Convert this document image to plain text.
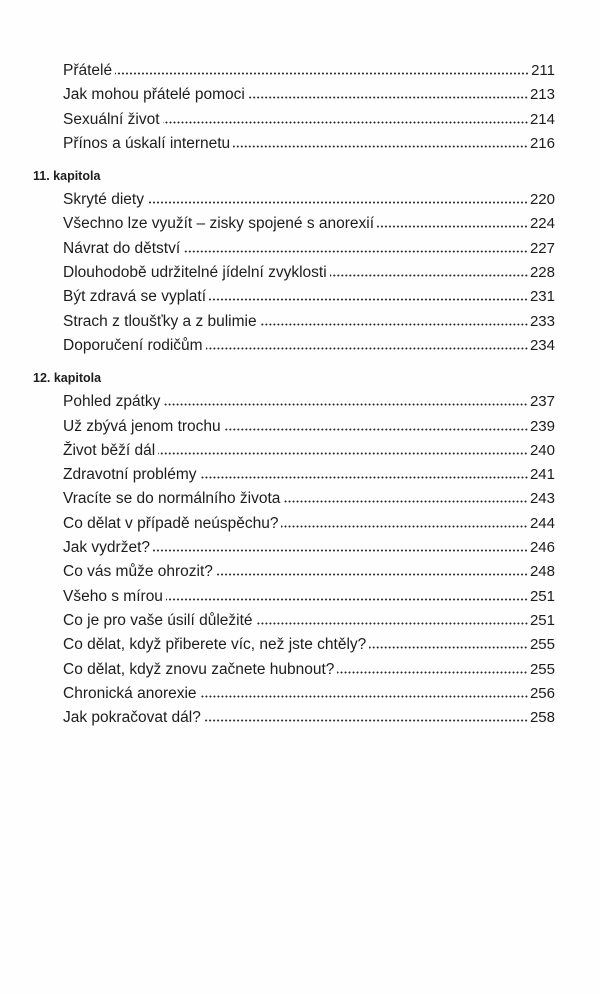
Přátelé	211
Jak mohou přátelé pomoci	213
Sexuální život	214
Přínos a úskalí internetu	216
11. kapitola
Skryté diety	220
Všechno lze využít – zisky spojené s anorexií	224
Návrat do dětství	227
Dlouhodobě udržitelné jídelní zvyklosti	228
Být zdravá se vyplatí	231
Strach z tloušťky a z bulimie	233
Doporučení rodičům	234
12. kapitola
Pohled zpátky	237
Už zbývá jenom trochu	239
Život běží dál	240
Zdravotní problémy	241
Vracíte se do normálního života	243
Co dělat v případě neúspěchu?	244
Jak vydržet?	246
Co vás může ohrozit?	248
Všeho s mírou	251
Co je pro vaše úsilí důležité	251
Co dělat, když přiberete víc, než jste chtěly?	255
Co dělat, když znovu začnete hubnout?	255
Chronická anorexie	256
Jak pokračovat dál?	258
